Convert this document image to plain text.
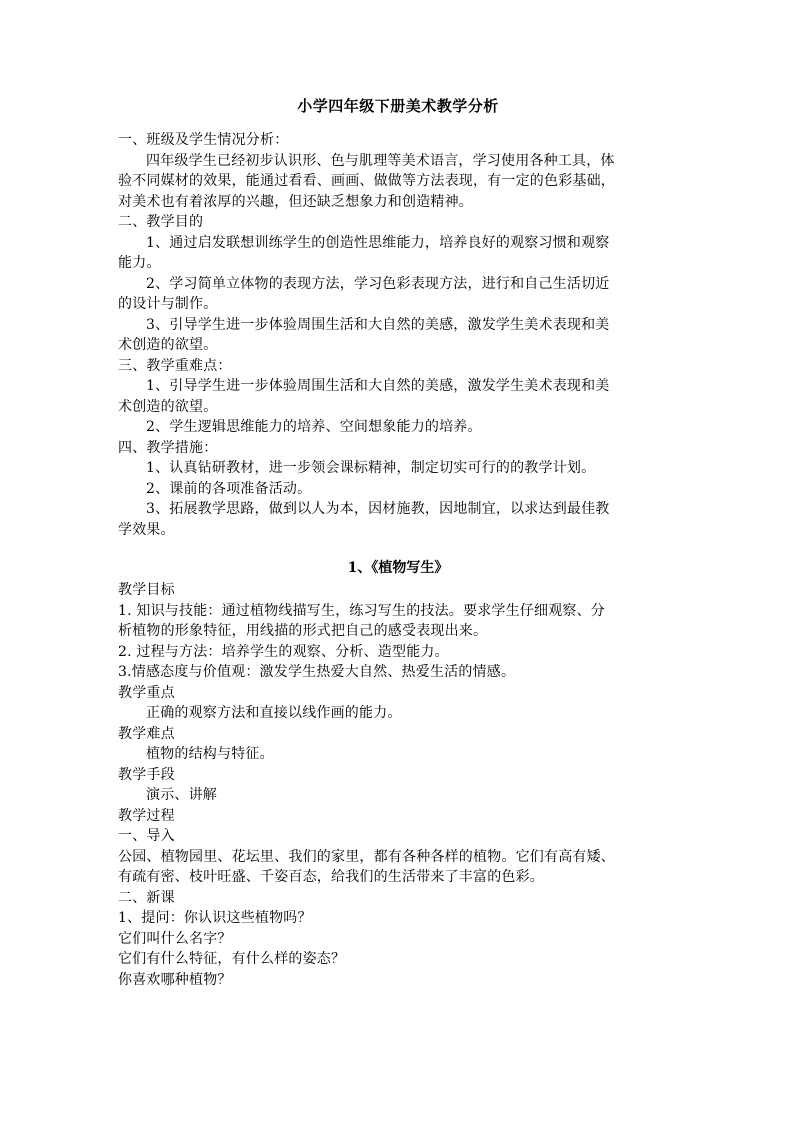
小学四年级下册美术教学分析
一、班级及学生情况分析：
四年级学生已经初步认识形、色与肌理等美术语言，学习使用各种工具，体
验不同媒材的效果，能通过看看、画画、做做等方法表现，有一定的色彩基础，
对美术也有着浓厚的兴趣，但还缺乏想象力和创造精神。
二、教学目的
1、通过启发联想训练学生的创造性思维能力，培养良好的观察习惯和观察
能力。
2、学习简单立体物的表现方法，学习色彩表现方法，进行和自己生活切近
的设计与制作。
3、引导学生进一步体验周围生活和大自然的美感，激发学生美术表现和美
术创造的欲望。
三、教学重难点：
1、引导学生进一步体验周围生活和大自然的美感，激发学生美术表现和美
术创造的欲望。
2、学生逻辑思维能力的培养、空间想象能力的培养。
四、教学措施：
1、认真钻研教材，进一步领会课标精神，制定切实可行的的教学计划。
2、课前的各项准备活动。
3、拓展教学思路，做到以人为本，因材施教，因地制宜，以求达到最佳教
学效果。
1、《植物写生》
教学目标
1. 知识与技能：通过植物线描写生，练习写生的技法。要求学生仔细观察、分
析植物的形象特征，用线描的形式把自己的感受表现出来。
2. 过程与方法：培养学生的观察、分析、造型能力。
3.情感态度与价值观：激发学生热爱大自然、热爱生活的情感。
教学重点
正确的观察方法和直接以线作画的能力。
教学难点
植物的结构与特征。
教学手段
演示、讲解
教学过程
一、导入
公园、植物园里、花坛里、我们的家里，都有各种各样的植物。它们有高有矮、
有疏有密、枝叶旺盛、千姿百态，给我们的生活带来了丰富的色彩。
二、新课
1、提问：你认识这些植物吗？
它们叫什么名字？
它们有什么特征，有什么样的姿态？
你喜欢哪种植物？
